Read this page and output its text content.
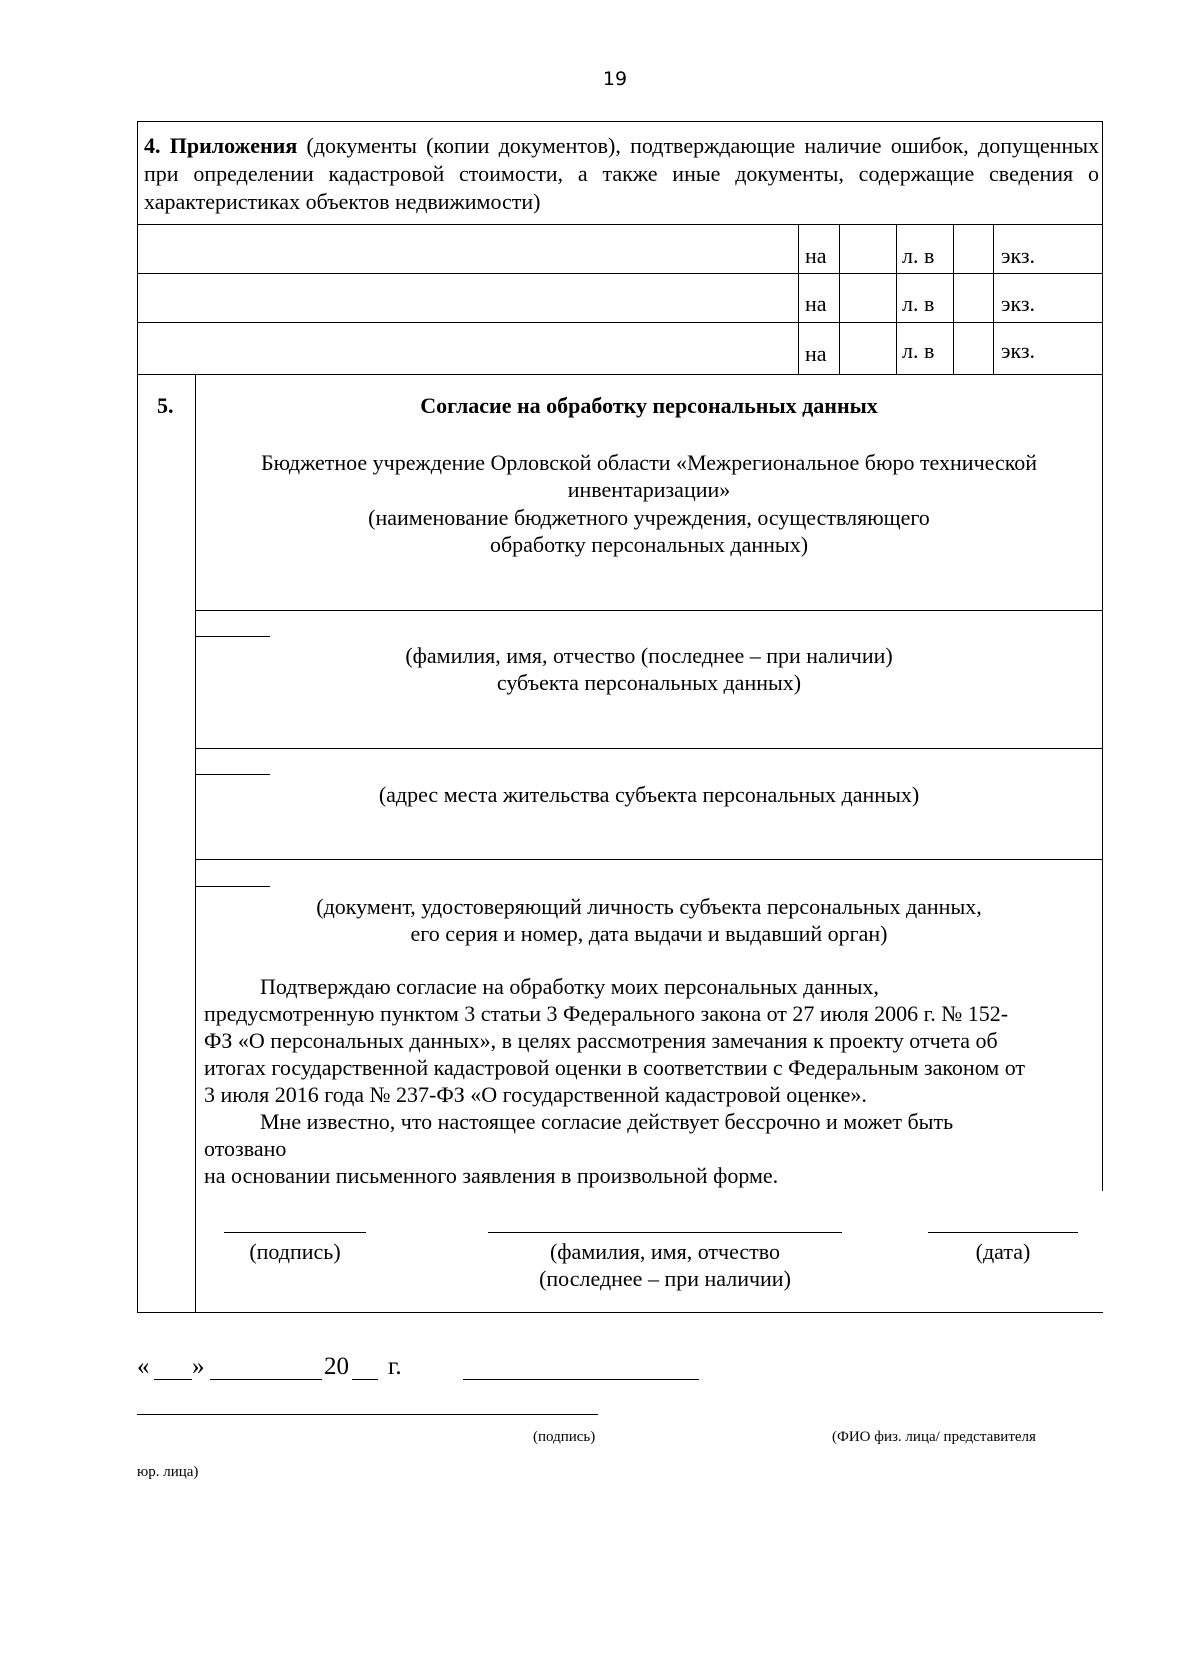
19
4. Приложения (документы (копии документов), подтверждающие наличие ошибок, допущенных при определении кадастровой стоимости, а также иные документы, содержащие сведения о характеристиках объектов недвижимости)
на	л. в	экз.
на	л. в	экз.
на	л. в	экз.
5.	Согласие на обработку персональных данных
Бюджетное учреждение Орловской области «Межрегиональное бюро технической
инвентаризации»
(наименование бюджетного учреждения, осуществляющего
обработку персональных данных)
(фамилия, имя, отчество (последнее – при наличии)
субъекта персональных данных)
(адрес места жительства субъекта персональных данных)
(документ, удостоверяющий личность субъекта персональных данных,
его серия и номер, дата выдачи и выдавший орган)
Подтверждаю согласие на обработку моих персональных данных,
предусмотренную пунктом 3 статьи 3 Федерального закона от 27 июля 2006 г. № 152-
ФЗ «О персональных данных», в целях рассмотрения замечания к проекту отчета об
итогах государственной кадастровой оценки в соответствии с Федеральным законом от
3 июля 2016 года № 237-ФЗ «О государственной кадастровой оценке».
Мне известно, что настоящее согласие действует бессрочно и может быть
отозвано
на основании письменного заявления в произвольной форме.
(подпись)	(фамилия, имя, отчество
(последнее – при наличии)
(дата)
« »	20 г.
(подпись)	(ФИО физ. лица/ представителя
юр. лица)
